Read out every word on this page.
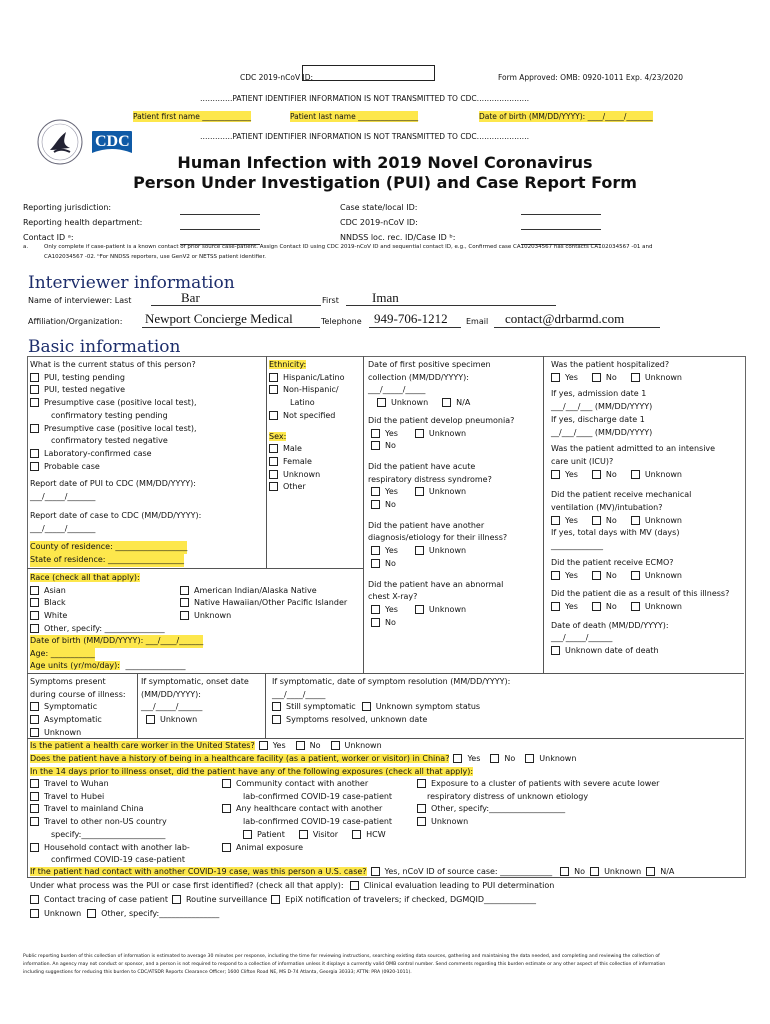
CDC 2019-nCoV ID:	Form Approved: OMB: 0920-1011 Exp. 4/23/2020
………….PATIENT IDENTIFIER INFORMATION IS NOT TRANSMITTED TO CDC…………………
Patient first name _____________	Patient last name ________________	Date of birth (MM/DD/YYYY): ____/_____/_______
………….PATIENT IDENTIFIER INFORMATION IS NOT TRANSMITTED TO CDC…………………
CDC
Human Infection with 2019 Novel Coronavirus
Person Under Investigation (PUI) and Case Report Form
Reporting jurisdiction:
Reporting health department:
Contact ID ᵃ:
Case state/local ID:
CDC 2019-nCoV ID:
NNDSS loc. rec. ID/Case ID ᵇ:
a.	Only complete if case-patient is a known contact of prior source case-patient. Assign Contact ID using CDC 2019-nCoV ID and sequential contact ID, e.g., Confirmed case CA102034567 has contacts CA102034567 -01 and
CA102034567 -02. ᵇFor NNDSS reporters, use GenV2 or NETSS patient identifier.
Interviewer information
Name of interviewer: Last	Bar	First	Iman
Affiliation/Organization: Newport Concierge Medical	Telephone 949-706-1212 Email contact@drbarmd.com
Basic information
What is the current status of this person?
PUI, testing pending
PUI, tested negative
Presumptive case (positive local test),
confirmatory testing pending
Presumptive case (positive local test),
confirmatory tested negative
Laboratory-confirmed case
Probable case
Report date of PUI to CDC (MM/DD/YYYY):
___/_____/_______
Report date of case to CDC (MM/DD/YYYY):
___/_____/_______
County of residence: __________________
State of residence: ___________________
Ethnicity:
Hispanic/Latino
Non-Hispanic/
Latino
Not specified
Sex:
Male
Female
Unknown
Other
Race (check all that apply):
Asian
Black
White
Other, specify: _______________
American Indian/Alaska Native
Native Hawaiian/Other Pacific Islander
Unknown
Date of birth (MM/DD/YYYY): ___/____/______
Age: ___________
Age units (yr/mo/day): _______________
Date of first positive specimen
collection (MM/DD/YYYY):
___/_____/_____
Unknown	N/A
Did the patient develop pneumonia?
Yes	Unknown
No
Did the patient have acute
respiratory distress syndrome?
Yes	Unknown
No
Did the patient have another
diagnosis/etiology for their illness?
Yes	Unknown
No
Did the patient have an abnormal
chest X-ray?
Yes	Unknown
No
Was the patient hospitalized?
Yes	No	Unknown
If yes, admission date 1
___/___/___ (MM/DD/YYYY)
If yes, discharge date 1
__/___/____ (MM/DD/YYYY)
Was the patient admitted to an intensive
care unit (ICU)?
Yes	No	Unknown
Did the patient receive mechanical
ventilation (MV)/intubation?
Yes	No	Unknown
If yes, total days with MV (days)
_____________
Did the patient receive ECMO?
Yes	No	Unknown
Did the patient die as a result of this illness?
Yes	No	Unknown
Date of death (MM/DD/YYYY):
___/_____/______
Unknown date of death
Symptoms present
during course of illness:
Symptomatic
Asymptomatic
Unknown
If symptomatic, onset date
(MM/DD/YYYY):
___/_____/______
Unknown
If symptomatic, date of symptom resolution (MM/DD/YYYY):
___/____/_____
Still symptomatic	Unknown symptom status
Symptoms resolved, unknown date
Is the patient a health care worker in the United States? Yes	No	Unknown
Does the patient have a history of being in a healthcare facility (as a patient, worker or visitor) in China? Yes	No	Unknown
In the 14 days prior to illness onset, did the patient have any of the following exposures (check all that apply):
Travel to Wuhan
Travel to Hubei
Travel to mainland China
Travel to other non-US country
specify:_____________________
Household contact with another lab-
confirmed COVID-19 case-patient
Community contact with another
lab-confirmed COVID-19 case-patient
Any healthcare contact with another
lab-confirmed COVID-19 case-patient
Patient	Visitor	HCW
Animal exposure
Exposure to a cluster of patients with severe acute lower
respiratory distress of unknown etiology
Other, specify:___________________
Unknown
If the patient had contact with another COVID-19 case, was this person a U.S. case? Yes, nCoV ID of source case: _____________	No Unknown N/A
Under what process was the PUI or case first identified? (check all that apply):	Clinical evaluation leading to PUI determination
Contact tracing of case patient Routine surveillance EpiX notification of travelers; if checked, DGMQID_____________
Unknown	Other, specify:_______________
Public reporting burden of this collection of information is estimated to average 30 minutes per response, including the time for reviewing instructions, searching existing data sources, gathering and maintaining the data needed, and completing and reviewing the collection of
information. An agency may not conduct or sponsor, and a person is not required to respond to a collection of information unless it displays a currently valid OMB control number. Send comments regarding this burden estimate or any other aspect of this collection of information
including suggestions for reducing this burden to CDC/ATSDR Reports Clearance Officer; 1600 Clifton Road NE, MS D-74 Atlanta, Georgia 30333; ATTN: PRA (0920-1011).
